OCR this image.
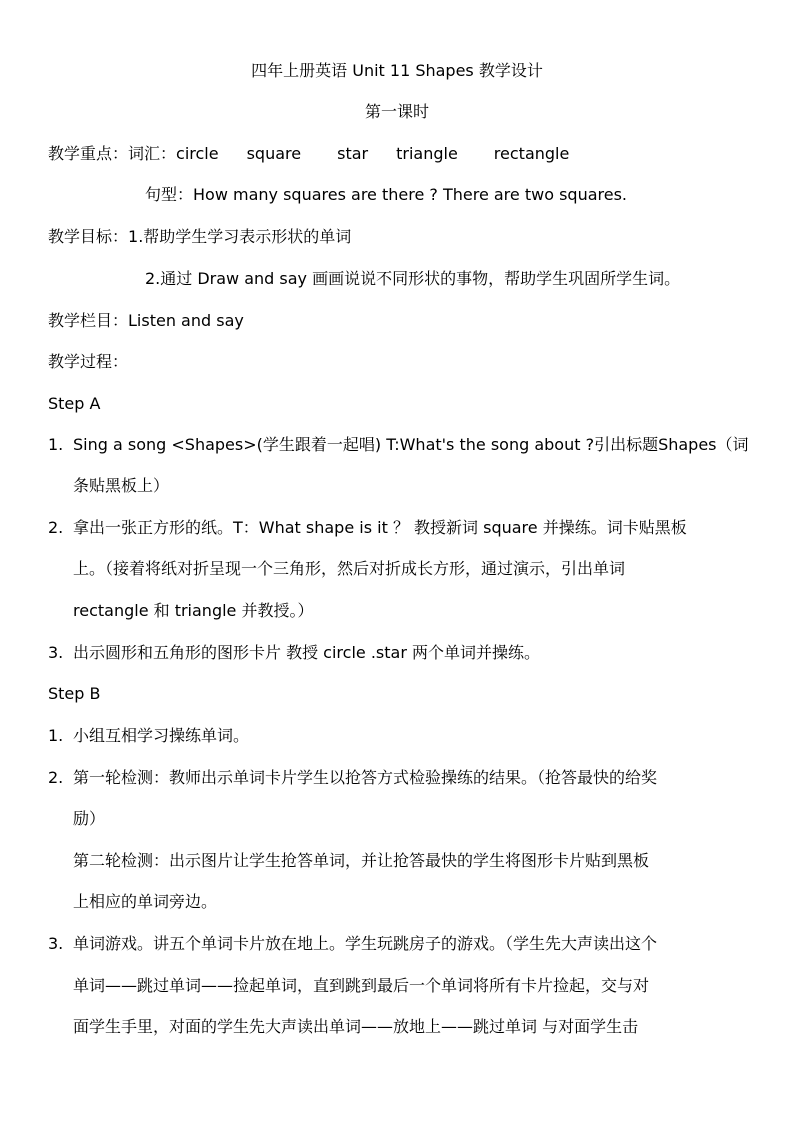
四年上册英语 Unit 11 Shapes 教学设计
第一课时
教学重点：词汇：circle square star triangle rectangle
句型：How many squares are there ? There are two squares.
教学目标：1.帮助学生学习表示形状的单词
2.通过 Draw and say 画画说说不同形状的事物，帮助学生巩固所学生词。
教学栏目：Listen and say
教学过程：
Step A
1. Sing a song <Shapes>(学生跟着一起唱) T:What's the song about ?引出标题Shapes（词
条贴黑板上）
2. 拿出一张正方形的纸。T：What shape is it ？ 教授新词 square 并操练。词卡贴黑板
上。（接着将纸对折呈现一个三角形，然后对折成长方形，通过演示，引出单词
rectangle 和 triangle 并教授。）
3. 出示圆形和五角形的图形卡片 教授 circle .star 两个单词并操练。
Step B
1. 小组互相学习操练单词。
2. 第一轮检测：教师出示单词卡片学生以抢答方式检验操练的结果。（抢答最快的给奖
励）
第二轮检测：出示图片让学生抢答单词，并让抢答最快的学生将图形卡片贴到黑板
上相应的单词旁边。
3. 单词游戏。讲五个单词卡片放在地上。学生玩跳房子的游戏。（学生先大声读出这个
单词——跳过单词——捡起单词，直到跳到最后一个单词将所有卡片捡起，交与对
面学生手里，对面的学生先大声读出单词——放地上——跳过单词 与对面学生击
